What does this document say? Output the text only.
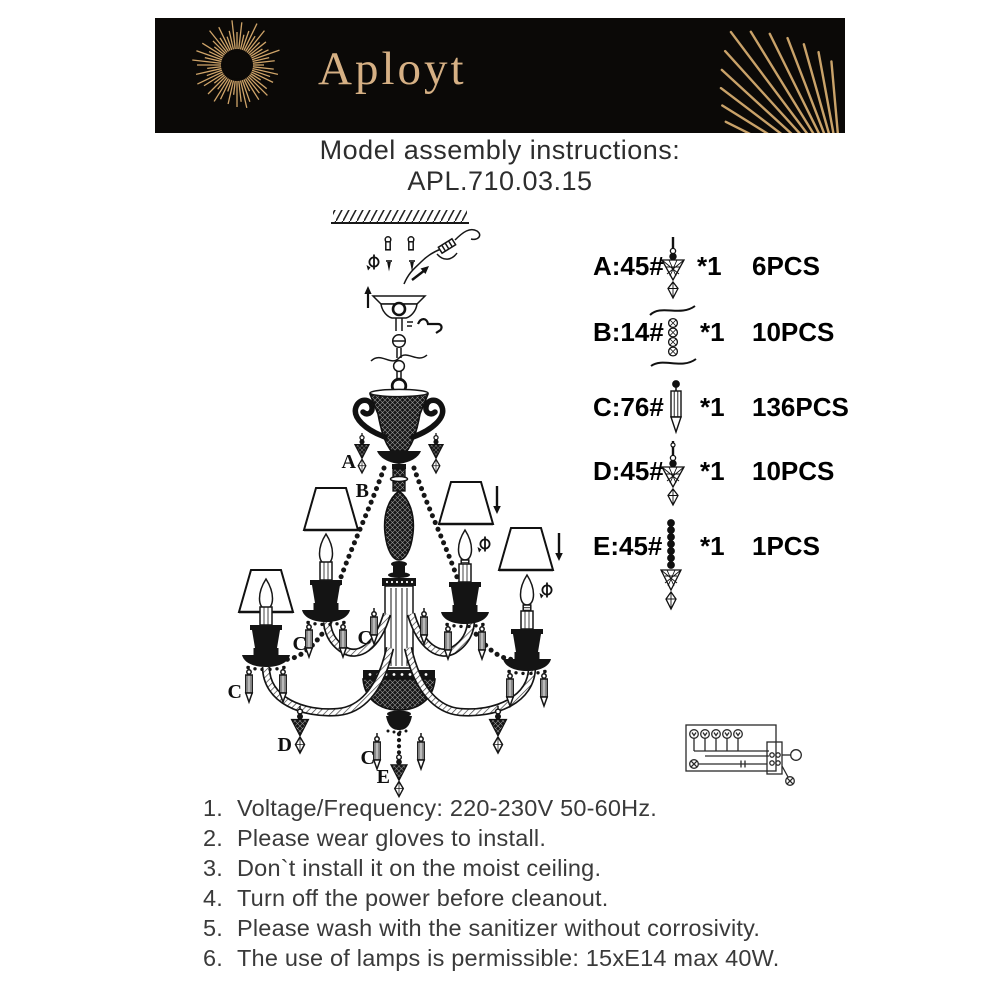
Aployt
Model assembly instructions:
APL.710.03.15
A
B
C	C
C
C
D
E
A:45# *1 6PCS
B:14# *1 10PCS
C:76# *1 136PCS
D:45# *1 10PCS
E:45# *1 1PCS
1. Voltage/Frequency: 220-230V 50-60Hz.
2. Please wear gloves to install.
3. Don`t install it on the moist ceiling.
4. Turn off the power before cleanout.
5. Please wash with the sanitizer without corrosivity.
6. The use of lamps is permissible: 15xE14 max 40W.
